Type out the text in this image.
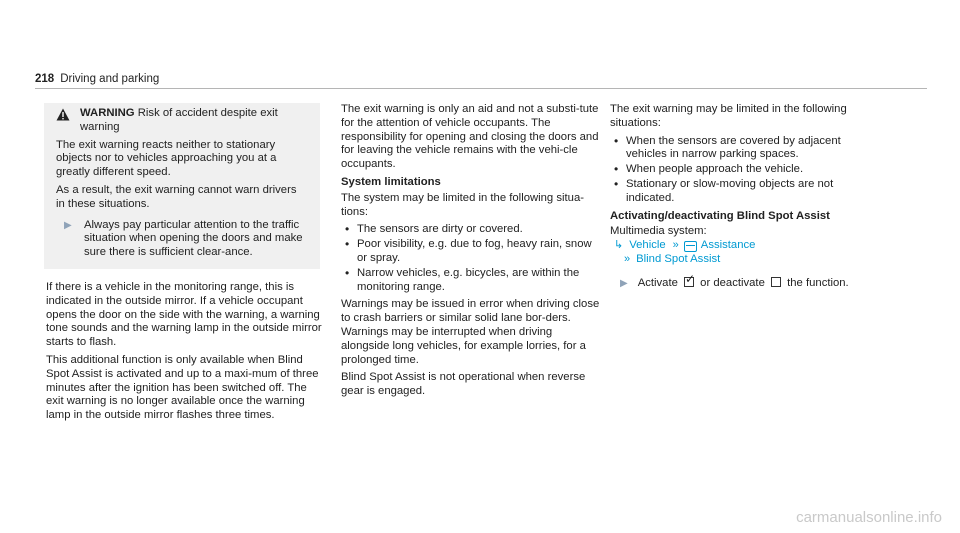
218 Driving and parking
WARNING Risk of accident despite exit warning

The exit warning reacts neither to stationary objects nor to vehicles approaching you at a greatly different speed.

As a result, the exit warning cannot warn drivers in these situations.

▶ Always pay particular attention to the traffic situation when opening the doors and make sure there is sufficient clear-ance.

If there is a vehicle in the monitoring range, this is indicated in the outside mirror. If a vehicle occupant opens the door on the side with the warning, a warning tone sounds and the warning lamp in the outside mirror starts to flash.

This additional function is only available when Blind Spot Assist is activated and up to a maxi-mum of three minutes after the ignition has been switched off. The exit warning is no longer available once the warning lamp in the outside mirror flashes three times.

The exit warning is only an aid and not a substi-tute for the attention of vehicle occupants. The responsibility for opening and closing the doors and for leaving the vehicle remains with the vehi-cle occupants.

System limitations

The system may be limited in the following situa-tions:

• The sensors are dirty or covered.
• Poor visibility, e.g. due to fog, heavy rain, snow or spray.
• Narrow vehicles, e.g. bicycles, are within the monitoring range.

Warnings may be issued in error when driving close to crash barriers or similar solid lane bor-ders. Warnings may be interrupted when driving alongside long vehicles, for example lorries, for a prolonged time.

Blind Spot Assist is not operational when reverse gear is engaged.

The exit warning may be limited in the following situations:

• When the sensors are covered by adjacent vehicles in narrow parking spaces.
• When people approach the vehicle.
• Stationary or slow-moving objects are not indicated.
Activating/deactivating Blind Spot Assist
Multimedia system:
↳ Vehicle » Assistance
» Blind Spot Assist
▶ Activate ✓ or deactivate the function.
carmanualsonline.info
